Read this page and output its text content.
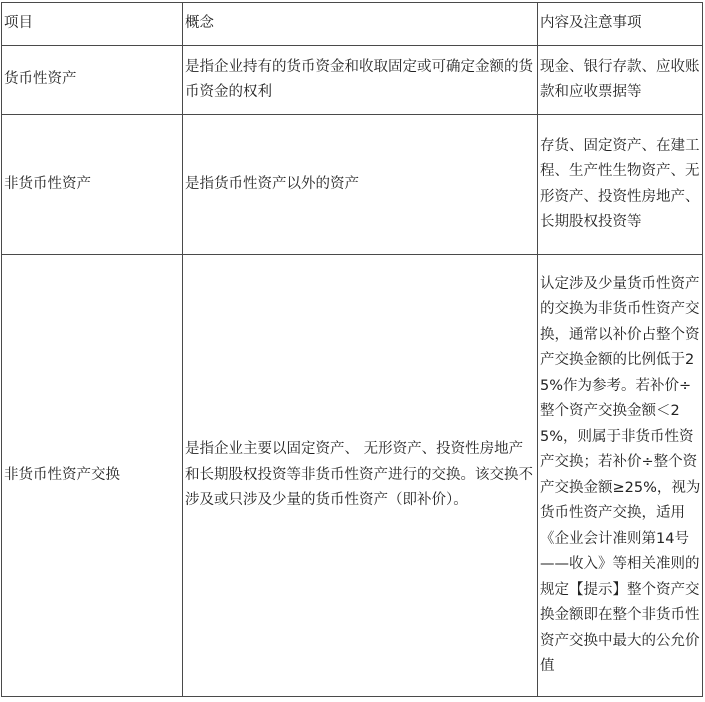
项目	概念	内容及注意事项
货币性资产	是指企业持有的货币资金和收取固定或可确定金额的货币资金的权利	现金、银行存款、应收账款和应收票据等
非货币性资产	是指货币性资产以外的资产	存货、固定资产、在建工程、生产性生物资产、无形资产、投资性房地产、长期股权投资等
非货币性资产交换	是指企业主要以固定资产、 无形资产、投资性房地产和长期股权投资等非货币性资产进行的交换。该交换不涉及或只涉及少量的货币性资产（即补价）。	认定涉及少量货币性资产的交换为非货币性资产交换，通常以补价占整个资产交换金额的比例低于25%作为参考。若补价÷整个资产交换金额＜25%，则属于非货币性资产交换；若补价÷整个资产交换金额≥25%，视为货币性资产交换，适用《企业会计准则第14号——收入》等相关准则的规定【提示】整个资产交换金额即在整个非货币性资产交换中最大的公允价值
